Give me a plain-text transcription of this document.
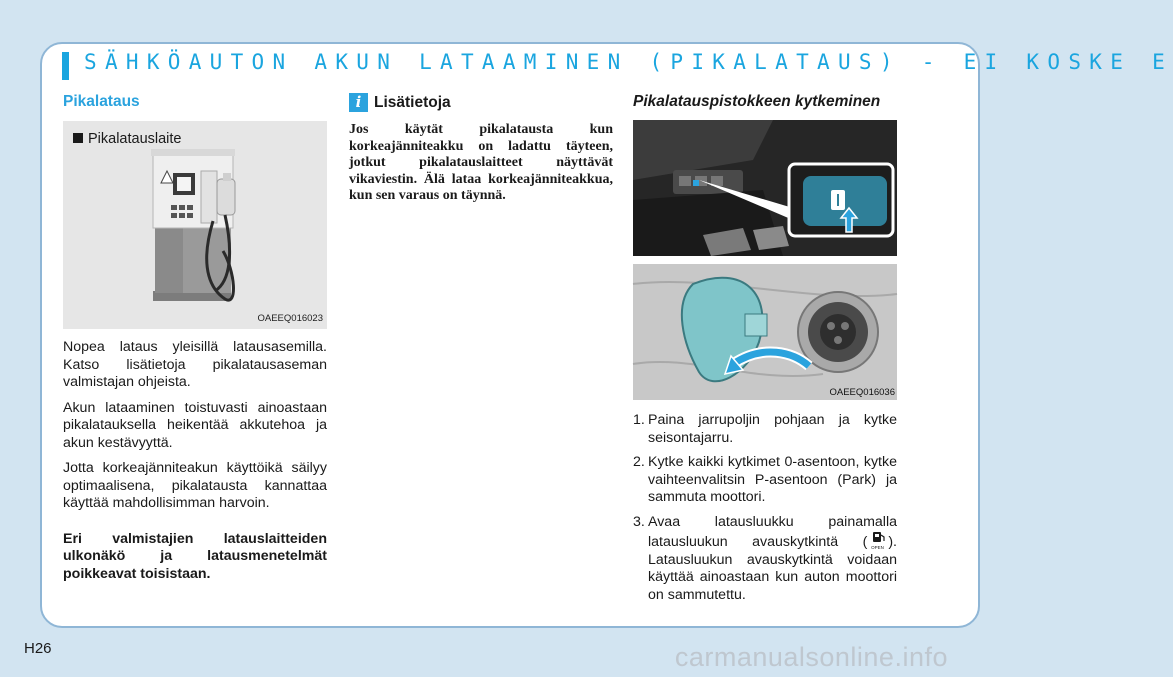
SÄHKÖAUTON AKUN LATAAMINEN (PIKALATAUS) - EI KOSKE E
Pikalataus
Pikalatauslaite
OAEEQ016023

Nopea lataus yleisillä latausasemilla. Katso lisätietoja pikalatausaseman valmistajan ohjeista.

Akun lataaminen toistuvasti ainoastaan pikalatauksella heikentää akkutehoa ja akun kestävyyttä.

Jotta korkeajänniteakun käyttöikä säilyy optimaalisena, pikalatausta kannattaa käyttää mahdollisimman harvoin.

Eri valmistajien latauslaitteiden ulkonäkö ja latausmenetelmät poikkeavat toisistaan.

i Lisätietoja

Jos käytät pikalatausta kun korkeajänniteakku on ladattu täyteen, jotkut pikalatauslaitteet näyttävät vikaviestin. Älä lataa korkeajänniteakkua, kun sen varaus on täynnä.

Pikalatauspistokkeen kytkeminen
OAEEQ016036
1. Paina jarrupoljin pohjaan ja kytke seisontajarru.
2. Kytke kaikki kytkimet 0-asentoon, kytke vaihteenvalitsin P-asentoon (Park) ja sammuta moottori.
3. Avaa latausluukku painamalla latausluukun avauskytkintä ( OPEN ). Latausluukun avauskytkintä voidaan käyttää ainoastaan kun auton moottori on sammutettu.
H26	carmanualsonline.info
